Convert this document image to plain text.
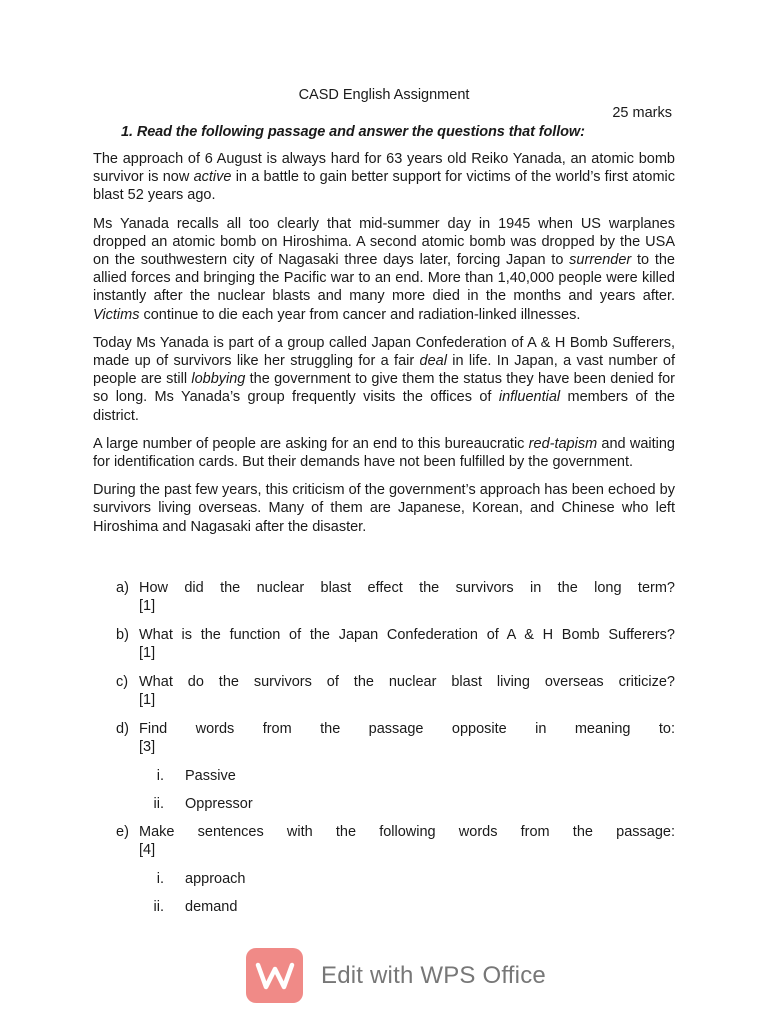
CASD English Assignment
25 marks
1. Read the following passage and answer the questions that follow:

The approach of 6 August is always hard for 63 years old Reiko Yanada, an atomic bomb survivor is now active in a battle to gain better support for victims of the world’s first atomic blast 52 years ago.

Ms Yanada recalls all too clearly that mid-summer day in 1945 when US warplanes dropped an atomic bomb on Hiroshima. A second atomic bomb was dropped by the USA on the southwestern city of Nagasaki three days later, forcing Japan to surrender to the allied forces and bringing the Pacific war to an end. More than 1,40,000 people were killed instantly after the nuclear blasts and many more died in the months and years after. Victims continue to die each year from cancer and radiation-linked illnesses.

Today Ms Yanada is part of a group called Japan Confederation of A & H Bomb Sufferers, made up of survivors like her struggling for a fair deal in life. In Japan, a vast number of people are still lobbying the government to give them the status they have been denied for so long. Ms Yanada’s group frequently visits the offices of influential members of the district.

A large number of people are asking for an end to this bureaucratic red-tapism and waiting for identification cards. But their demands have not been fulfilled by the government.

During the past few years, this criticism of the government’s approach has been echoed by survivors living overseas. Many of them are Japanese, Korean, and Chinese who left Hiroshima and Nagasaki after the disaster.

a) How did the nuclear blast effect the survivors in the long term?
[1]
b) What is the function of the Japan Confederation of A & H Bomb Sufferers?
[1]
c) What do the survivors of the nuclear blast living overseas criticize?
[1]
d) Find words from the passage opposite in meaning to:
[3]
i. Passive
ii. Oppressor
e) Make sentences with the following words from the passage:
[4]
i. approach
ii. demand
Edit with WPS Office
